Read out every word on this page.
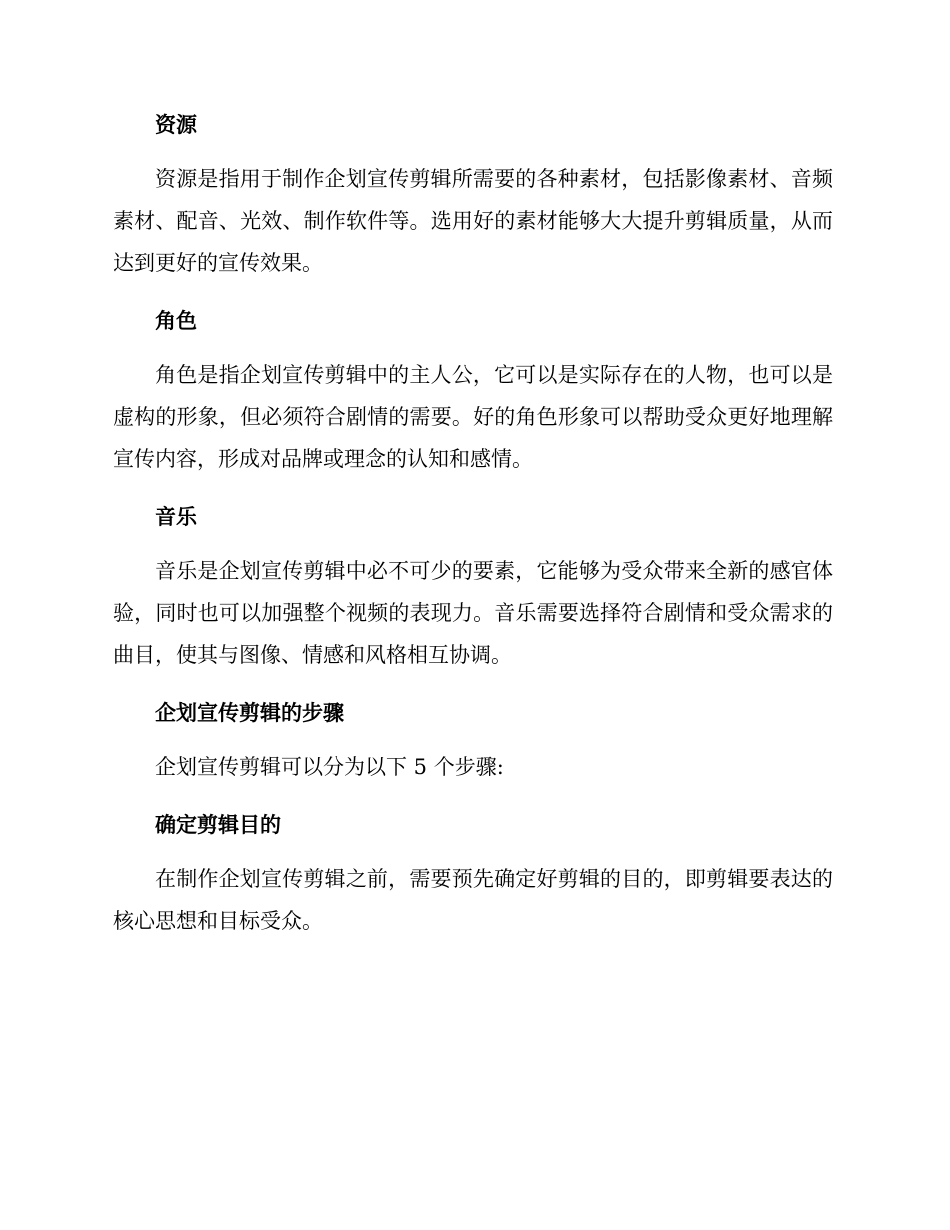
资源

资源是指用于制作企划宣传剪辑所需要的各种素材，包括影像素材、音频素材、配音、光效、制作软件等。选用好的素材能够大大提升剪辑质量，从而达到更好的宣传效果。

角色

角色是指企划宣传剪辑中的主人公，它可以是实际存在的人物，也可以是虚构的形象，但必须符合剧情的需要。好的角色形象可以帮助受众更好地理解宣传内容，形成对品牌或理念的认知和感情。

音乐

音乐是企划宣传剪辑中必不可少的要素，它能够为受众带来全新的感官体验，同时也可以加强整个视频的表现力。音乐需要选择符合剧情和受众需求的曲目，使其与图像、情感和风格相互协调。

企划宣传剪辑的步骤

企划宣传剪辑可以分为以下 5 个步骤:

确定剪辑目的

在制作企划宣传剪辑之前，需要预先确定好剪辑的目的，即剪辑要表达的核心思想和目标受众。
